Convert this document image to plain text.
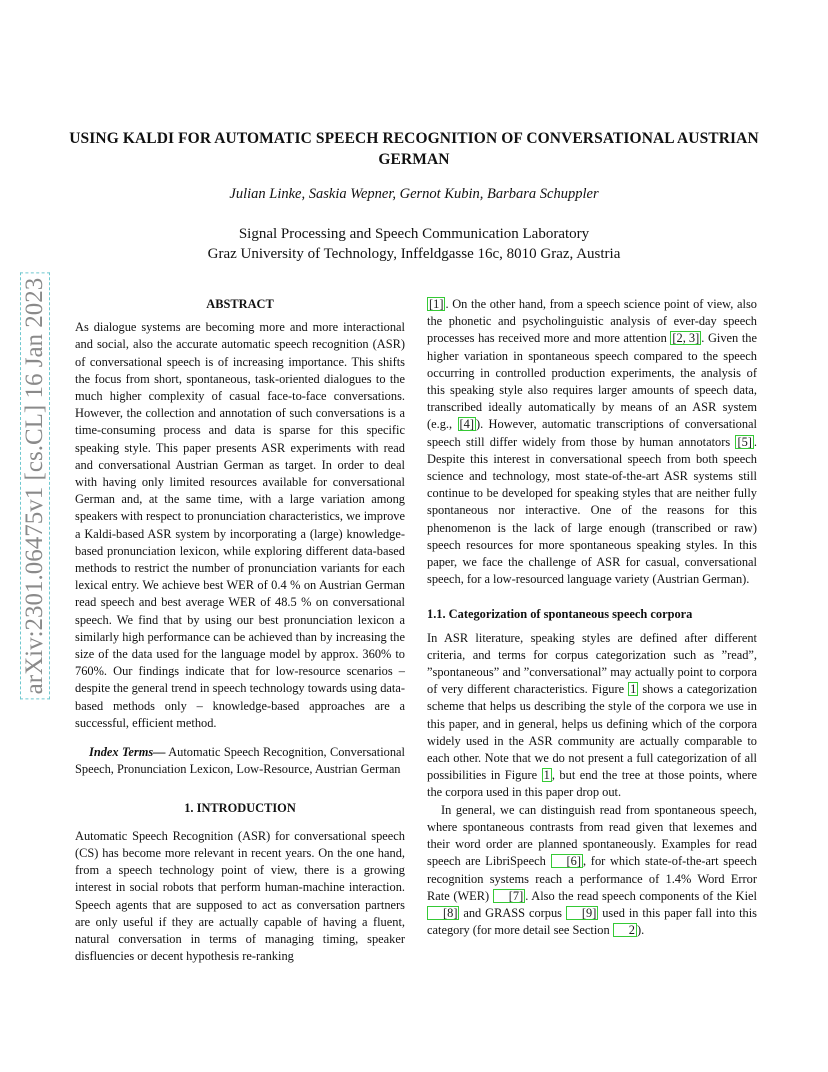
USING KALDI FOR AUTOMATIC SPEECH RECOGNITION OF CONVERSATIONAL AUSTRIAN GERMAN
Julian Linke, Saskia Wepner, Gernot Kubin, Barbara Schuppler
Signal Processing and Speech Communication Laboratory
Graz University of Technology, Inffeldgasse 16c, 8010 Graz, Austria
arXiv:2301.06475v1 [cs.CL] 16 Jan 2023	ABSTRACT

As dialogue systems are becoming more and more interactional and social, also the accurate automatic speech recognition (ASR) of conversational speech is of increasing importance. This shifts the focus from short, spontaneous, task-oriented dialogues to the much higher complexity of casual face-to-face conversations. However, the collection and annotation of such conversations is a time-consuming process and data is sparse for this specific speaking style. This paper presents ASR experiments with read and conversational Austrian German as target. In order to deal with having only limited resources available for conversational German and, at the same time, with a large variation among speakers with respect to pronunciation characteristics, we improve a Kaldi-based ASR system by incorporating a (large) knowledge-based pronunciation lexicon, while exploring different data-based methods to restrict the number of pronunciation variants for each lexical entry. We achieve best WER of 0.4 % on Austrian German read speech and best average WER of 48.5 % on conversational speech. We find that by using our best pronunciation lexicon a similarly high performance can be achieved than by increasing the size of the data used for the language model by approx. 360% to 760%. Our findings indicate that for low-resource scenarios – despite the general trend in speech technology towards using data-based methods only – knowledge-based approaches are a successful, efficient method.

Index Terms— Automatic Speech Recognition, Conversational Speech, Pronunciation Lexicon, Low-Resource, Austrian German

1. INTRODUCTION

Automatic Speech Recognition (ASR) for conversational speech (CS) has become more relevant in recent years. On the one hand, from a speech technology point of view, there is a growing interest in social robots that perform human-machine interaction. Speech agents that are supposed to act as conversation partners are only useful if they are actually capable of having a fluent, natural conversation in terms of managing timing, speaker disfluencies or decent hypothesis re-ranking

[1] . On the other hand, from a speech science point of view, also the phonetic and psycholinguistic analysis of ever-day speech processes has received more and more attention [2, 3] . Given the higher variation in spontaneous speech compared to the speech occurring in controlled production experiments, the analysis of this speaking style also requires larger amounts of speech data, transcribed ideally automatically by means of an ASR system (e.g., [4] ). However, automatic transcriptions of conversational speech still differ widely from those by human annotators [5] . Despite this interest in conversational speech from both speech science and technology, most state-of-the-art ASR systems still continue to be developed for speaking styles that are neither fully spontaneous nor interactive. One of the reasons for this phenomenon is the lack of large enough (transcribed or raw) speech resources for more spontaneous speaking styles. In this paper, we face the challenge of ASR for casual, conversational speech, for a low-resourced language variety (Austrian German).

1.1. Categorization of spontaneous speech corpora

In ASR literature, speaking styles are defined after different criteria, and terms for corpus categorization such as ”read”, ”spontaneous” and ”conversational” may actually point to corpora of very different characteristics. Figure 1 shows a categorization scheme that helps us describing the style of the corpora we use in this paper, and in general, helps us defining which of the corpora widely used in the ASR community are actually comparable to each other. Note that we do not present a full categorization of all possibilities in Figure 1 , but end the tree at those points, where the corpora used in this paper drop out.

In general, we can distinguish read from spontaneous speech, where spontaneous contrasts from read given that lexemes and their word order are planned spontaneously. Examples for read speech are LibriSpeech [6] , for which state-of-the-art speech recognition systems reach a performance of 1.4% Word Error Rate (WER) [7] . Also the read speech components of the Kiel [8] and GRASS corpus [9] used in this paper fall into this category (for more detail see Section 2 ).
